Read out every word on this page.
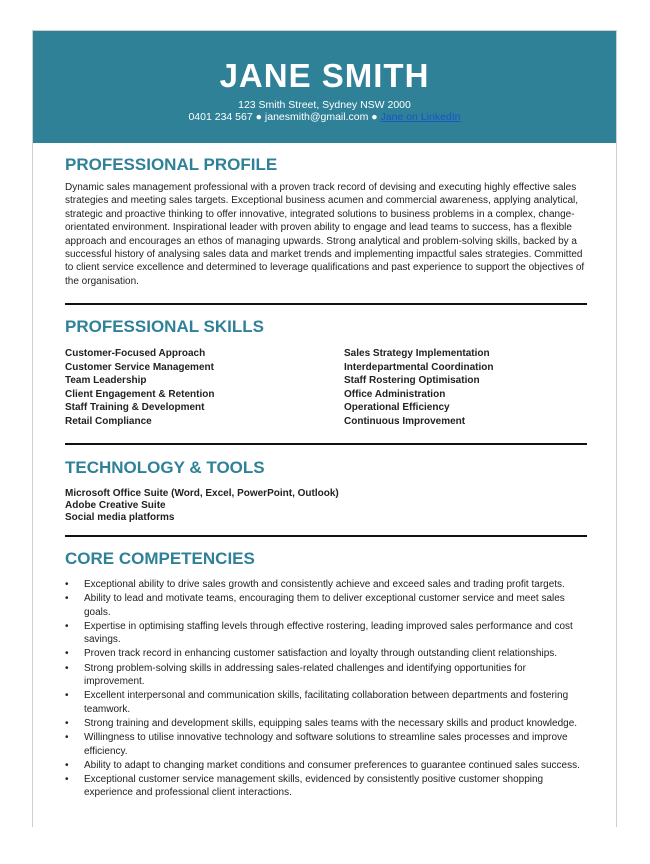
JANE SMITH
123 Smith Street, Sydney NSW 2000
0401 234 567 ● janesmith@gmail.com ● Jane on LinkedIn
PROFESSIONAL PROFILE
Dynamic sales management professional with a proven track record of devising and executing highly effective sales strategies and meeting sales targets. Exceptional business acumen and commercial awareness, applying analytical, strategic and proactive thinking to offer innovative, integrated solutions to business problems in a complex, change-orientated environment. Inspirational leader with proven ability to engage and lead teams to success, has a flexible approach and encourages an ethos of managing upwards. Strong analytical and problem-solving skills, backed by a successful history of analysing sales data and market trends and implementing impactful sales strategies. Committed to client service excellence and determined to leverage qualifications and past experience to support the objectives of the organisation.
PROFESSIONAL SKILLS
Customer-Focused Approach
Customer Service Management
Team Leadership
Client Engagement & Retention
Staff Training & Development
Retail Compliance
Sales Strategy Implementation
Interdepartmental Coordination
Staff Rostering Optimisation
Office Administration
Operational Efficiency
Continuous Improvement
TECHNOLOGY & TOOLS
Microsoft Office Suite (Word, Excel, PowerPoint, Outlook)
Adobe Creative Suite
Social media platforms
CORE COMPETENCIES
• Exceptional ability to drive sales growth and consistently achieve and exceed sales and trading profit targets.
• Ability to lead and motivate teams, encouraging them to deliver exceptional customer service and meet sales goals.
• Expertise in optimising staffing levels through effective rostering, leading improved sales performance and cost savings.
• Proven track record in enhancing customer satisfaction and loyalty through outstanding client relationships.
• Strong problem-solving skills in addressing sales-related challenges and identifying opportunities for improvement.
• Excellent interpersonal and communication skills, facilitating collaboration between departments and fostering teamwork.
• Strong training and development skills, equipping sales teams with the necessary skills and product knowledge.
• Willingness to utilise innovative technology and software solutions to streamline sales processes and improve efficiency.
• Ability to adapt to changing market conditions and consumer preferences to guarantee continued sales success.
• Exceptional customer service management skills, evidenced by consistently positive customer shopping experience and professional client interactions.
